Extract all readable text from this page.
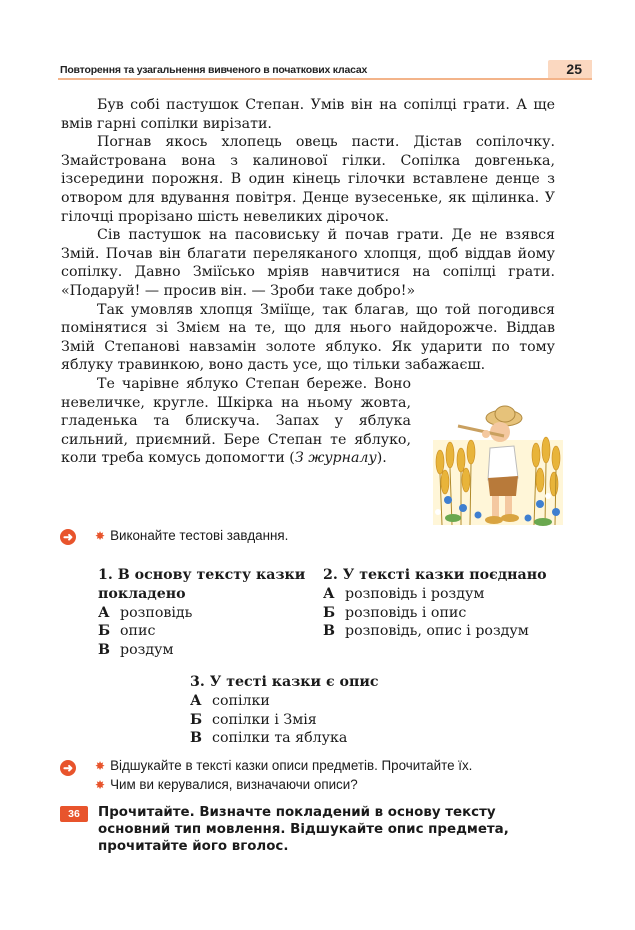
Повторення та узагальнення вивченого в початкових класах	25

Був собі пастушок Степан. Умів він на сопілці грати. А ще вмів гарні сопілки вирізати.

Погнав якось хлопець овець пасти. Дістав сопілочку. Змайстрована вона з калинової гілки. Сопілка довгенька, ізсередини порожня. В один кінець гілочки вставлене денце з отвором для вдування повітря. Денце вузесеньке, як щілинка. У гілочці прорізано шість невеликих дірочок.

Сів пастушок на пасовиську й почав грати. Де не взявся Змій. Почав він благати переляканого хлопця, щоб віддав йому сопілку. Давно Зміїсько мріяв навчитися на сопілці грати. «Подаруй! — просив він. — Зроби таке добро!»

Так умовляв хлопця Зміїще, так благав, що той погодився помінятися зі Змієм на те, що для нього найдорожче. Віддав Змій Степанові навзамін золоте яблуко. Як ударити по тому яблуку травинкою, воно дасть усе, що тільки забажаєш.

Те чарівне яблуко Степан береже. Воно невеличке, кругле. Шкірка на ньому жовта, гладенька та блискуча. Запах у яблука сильний, приємний. Бере Степан те яблуко, коли треба комусь допомогти (З журналу).

➜ ✸ Виконайте тестові завдання.
1. В основу тексту казки покладено
А розповідь
Б опис
В роздум
2. У тексті казки поєднано
А розповідь і роздум
Б розповідь і опис
В розповідь, опис і роздум
3. У тесті казки є опис
А сопілки
Б сопілки і Змія
В сопілки та яблука
➜ ✸ Відшукайте в тексті казки описи предметів. Прочитайте їх.
✸ Чим ви керувалися, визначаючи описи?
36	Прочитайте. Визначте покладений в основу тексту основний тип мовлення. Відшукайте опис предмета, прочитайте його вголос.
